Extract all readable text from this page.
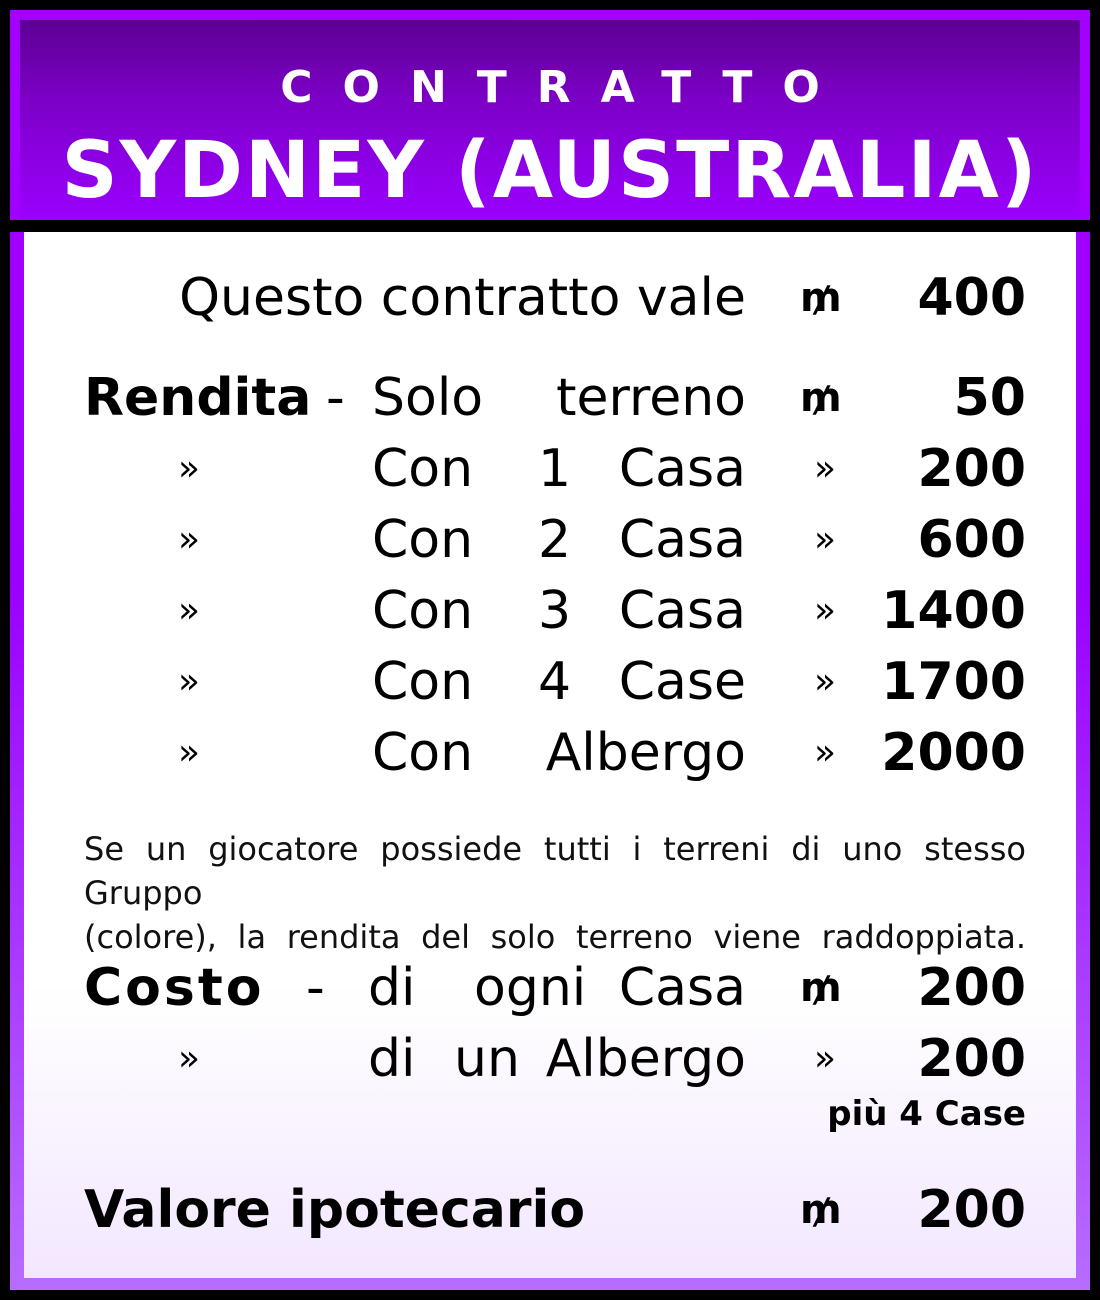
CONTRATTO
SYDNEY (AUSTRALIA)
Questo contratto vale ₥ 400
Rendita - Solo terreno ₥ 50
»	Con 1 Casa » 200
»	Con 2 Casa » 600
»	Con 3 Casa » 1400
»	Con 4 Case » 1700
»	Con Albergo » 2000
Se un giocatore possiede tutti i terreni di uno stesso Gruppo
(colore), la rendita del solo terreno viene raddoppiata.
Costo - di ogni Casa ₥ 200
»	di un Albergo » 200
più 4 Case
Valore ipotecario	₥ 200
